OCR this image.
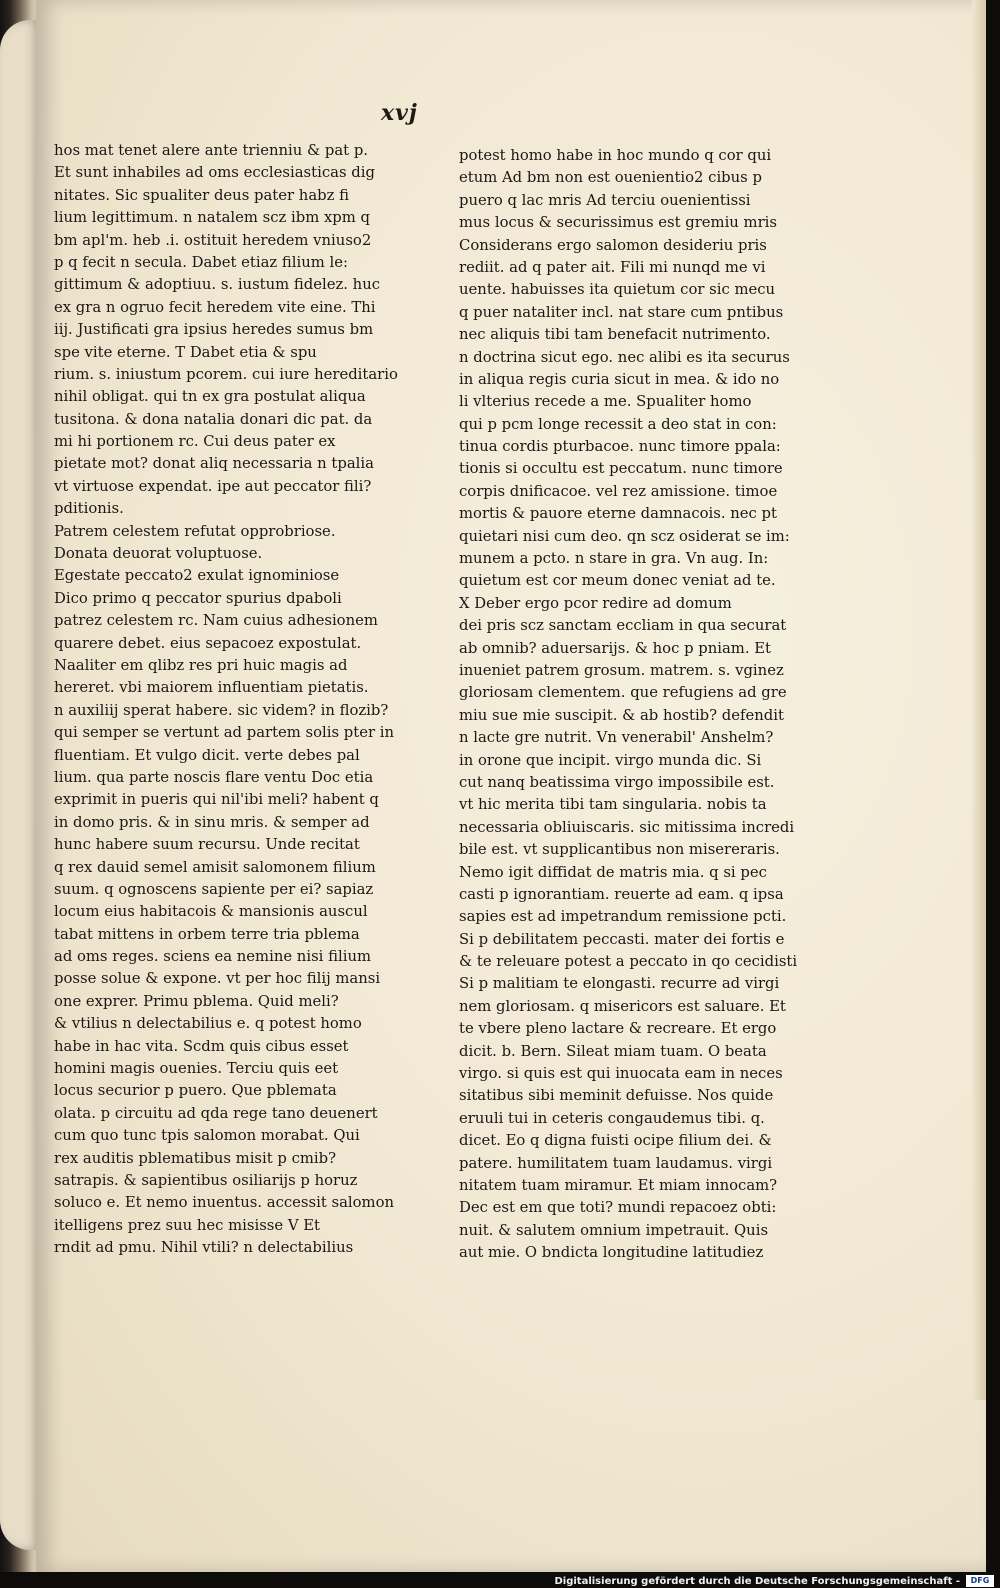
xvj
hos mat tenet alere ante trienniu & pat p.
Et sunt inhabiles ad oms ecclesiasticas dig
nitates. Sic spualiter deus pater habz fi
lium legittimum. n natalem scz ibm xpm q
bm apl'm. heb .i. ostituit heredem vniuso2
p q fecit n secula. Dabet etiaz filium le:
gittimum & adoptiuu. s. iustum fidelez. huc
ex gra n ogruo fecit heredem vite eine. Thi
iij. Justificati gra ipsius heredes sumus bm
spe vite eterne. T Dabet etia & spu
rium. s. iniustum pcorem. cui iure hereditario
nihil obligat. qui tn ex gra postulat aliqua
tusitona. & dona natalia donari dic pat. da
mi hi portionem rc. Cui deus pater ex
pietate mot? donat aliq necessaria n tpalia
vt virtuose expendat. ipe aut peccator fili?
pditionis.
Patrem celestem refutat opprobriose.
Donata deuorat voluptuose.
Egestate peccato2 exulat ignominiose
Dico primo q peccator spurius dpaboli
patrez celestem rc. Nam cuius adhesionem
quarere debet. eius sepacoez expostulat.
Naaliter em qlibz res pri huic magis ad
hereret. vbi maiorem influentiam pietatis.
n auxiliij sperat habere. sic videm? in flozib?
qui semper se vertunt ad partem solis pter in
fluentiam. Et vulgo dicit. verte debes pal
lium. qua parte noscis flare ventu Doc etia
exprimit in pueris qui nil'ibi meli? habent q
in domo pris. & in sinu mris. & semper ad
hunc habere suum recursu. Unde recitat
q rex dauid semel amisit salomonem filium
suum. q ognoscens sapiente per ei? sapiaz
locum eius habitacois & mansionis auscul
tabat mittens in orbem terre tria pblema
ad oms reges. sciens ea nemine nisi filium
posse solue & expone. vt per hoc filij mansi
one exprer. Primu pblema. Quid meli?
& vtilius n delectabilius e. q potest homo
habe in hac vita. Scdm quis cibus esset
homini magis ouenies. Terciu quis eet
locus securior p puero. Que pblemata
olata. p circuitu ad qda rege tano deuenert
cum quo tunc tpis salomon morabat. Qui
rex auditis pblematibus misit p cmib?
satrapis. & sapientibus osiliarijs p horuz
soluco e. Et nemo inuentus. accessit salomon
itelligens prez suu hec misisse V Et
rndit ad pmu. Nihil vtili? n delectabilius
potest homo habe in hoc mundo q cor qui
etum Ad bm non est ouenientio2 cibus p
puero q lac mris Ad terciu ouenientissi
mus locus & securissimus est gremiu mris
Considerans ergo salomon desideriu pris
rediit. ad q pater ait. Fili mi nunqd me vi
uente. habuisses ita quietum cor sic mecu
q puer nataliter incl. nat stare cum pntibus
nec aliquis tibi tam benefacit nutrimento.
n doctrina sicut ego. nec alibi es ita securus
in aliqua regis curia sicut in mea. & ido no
li vlterius recede a me. Spualiter homo
qui p pcm longe recessit a deo stat in con:
tinua cordis pturbacoe. nunc timore ppala:
tionis si occultu est peccatum. nunc timore
corpis dnificacoe. vel rez amissione. timoe
mortis & pauore eterne damnacois. nec pt
quietari nisi cum deo. qn scz osiderat se im:
munem a pcto. n stare in gra. Vn aug. In:
quietum est cor meum donec veniat ad te.
X Deber ergo pcor redire ad domum
dei pris scz sanctam eccliam in qua securat
ab omnib? aduersarijs. & hoc p pniam. Et
inueniet patrem grosum. matrem. s. vginez
gloriosam clementem. que refugiens ad gre
miu sue mie suscipit. & ab hostib? defendit
n lacte gre nutrit. Vn venerabil' Anshelm?
in orone que incipit. virgo munda dic. Si
cut nanq beatissima virgo impossibile est.
vt hic merita tibi tam singularia. nobis ta
necessaria obliuiscaris. sic mitissima incredi
bile est. vt supplicantibus non misereraris.
Nemo igit diffidat de matris mia. q si pec
casti p ignorantiam. reuerte ad eam. q ipsa
sapies est ad impetrandum remissione pcti.
Si p debilitatem peccasti. mater dei fortis e
& te releuare potest a peccato in qo cecidisti
Si p malitiam te elongasti. recurre ad virgi
nem gloriosam. q misericors est saluare. Et
te vbere pleno lactare & recreare. Et ergo
dicit. b. Bern. Sileat miam tuam. O beata
virgo. si quis est qui inuocata eam in neces
sitatibus sibi meminit defuisse. Nos quide
eruuli tui in ceteris congaudemus tibi. q.
dicet. Eo q digna fuisti ocipe filium dei. &
patere. humilitatem tuam laudamus. virgi
nitatem tuam miramur. Et miam innocam?
Dec est em que toti? mundi repacoez obti:
nuit. & salutem omnium impetrauit. Quis
aut mie. O bndicta longitudine latitudiez
Digitalisierung gefördert durch die Deutsche Forschungsgemeinschaft -	DFG
